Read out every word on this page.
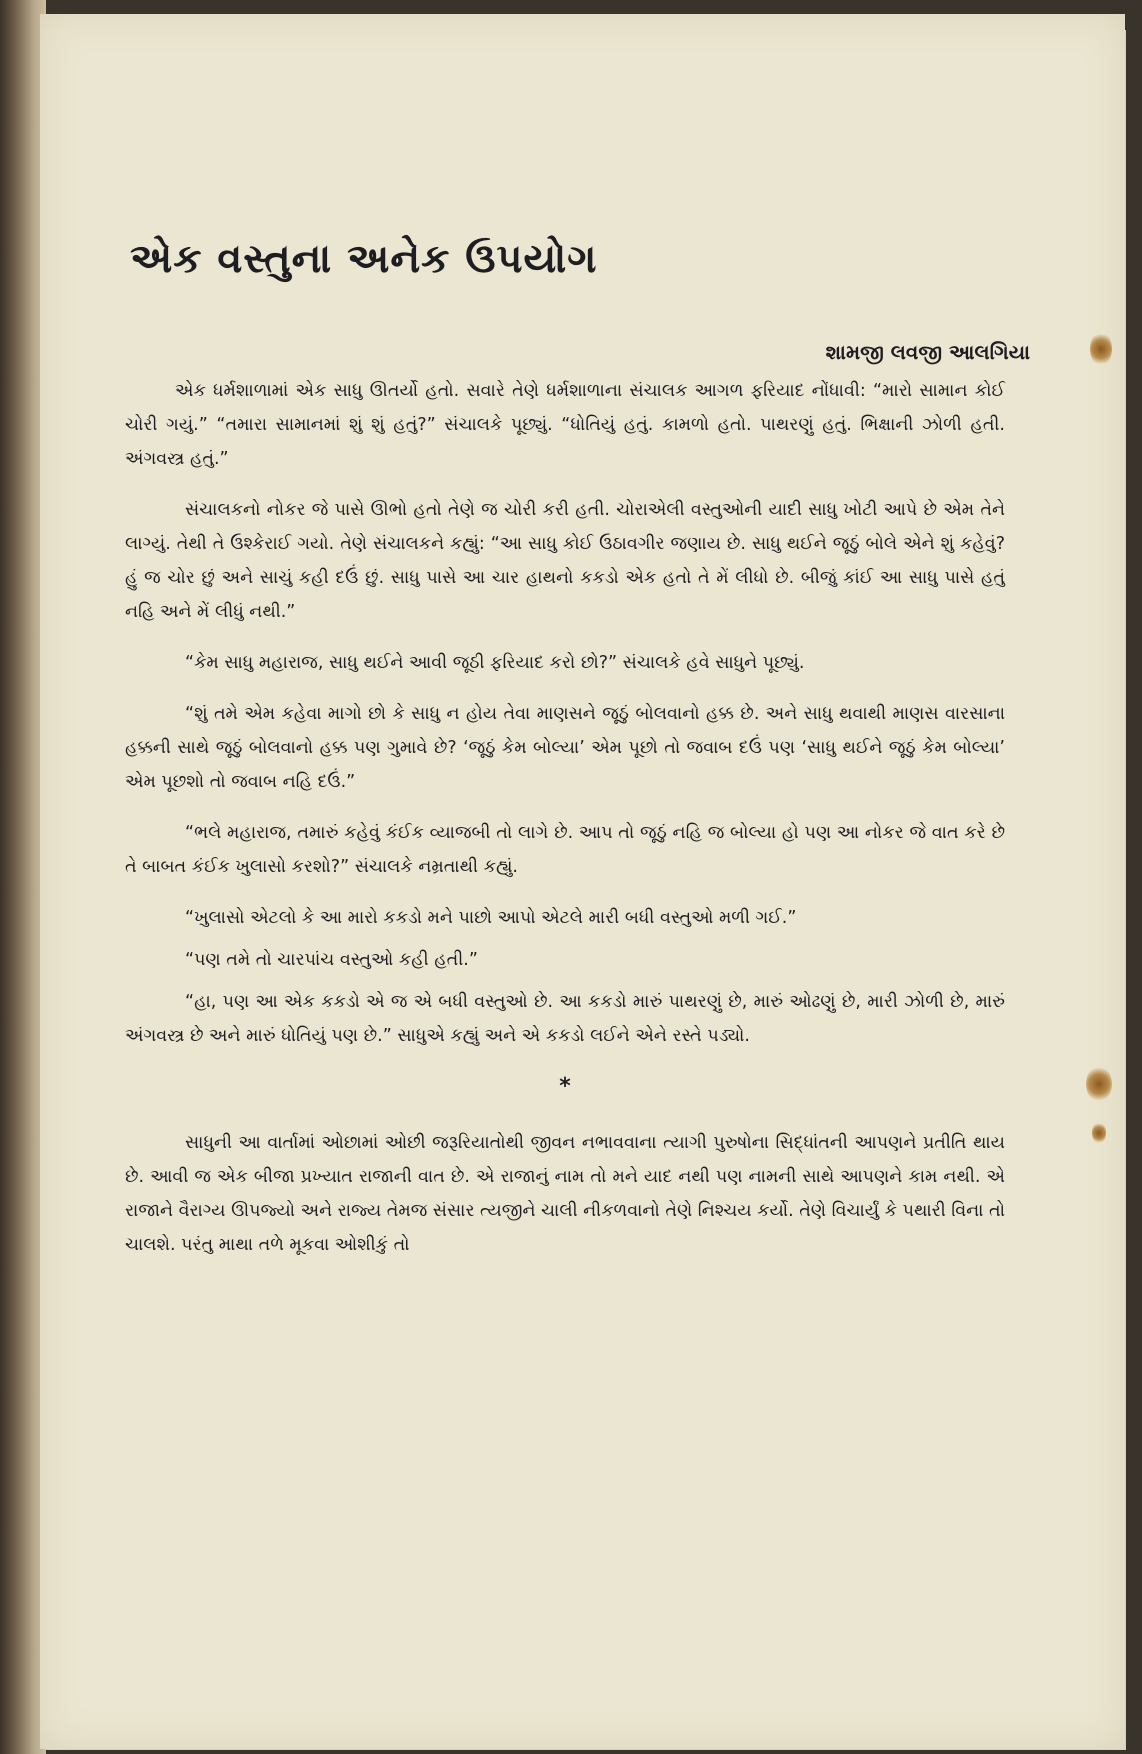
એક વસ્તુના અનેક ઉપયોગ
શામજી લવજી આલગિયા

એક ધર્મશાળામાં એક સાધુ ઊતર્યો હતો. સવારે તેણે ધર્મશાળાના સંચાલક આગળ ફરિયાદ નોંધાવી: “મારો સામાન કોઈ ચોરી ગયું.” “તમારા સામાનમાં શું શું હતું?” સંચાલકે પૂછ્યું. “ધોતિયું હતું. કામળો હતો. પાથરણું હતું. ભિક્ષાની ઝોળી હતી. અંગવસ્ત્ર હતું.”

સંચાલકનો નોકર જે પાસે ઊભો હતો તેણે જ ચોરી કરી હતી. ચોરાએલી વસ્તુઓની યાદી સાધુ ખોટી આપે છે એમ તેને લાગ્યું. તેથી તે ઉશ્કેરાઈ ગયો. તેણે સંચાલકને કહ્યું: “આ સાધુ કોઈ ઉઠાવગીર જણાય છે. સાધુ થઈને જૂઠું બોલે એને શું કહેવું? હું જ ચોર છું અને સાચું કહી દઉં છું. સાધુ પાસે આ ચાર હાથનો કકડો એક હતો તે મેં લીધો છે. બીજું કાંઈ આ સાધુ પાસે હતું નહિ અને મેં લીધું નથી.”

“કેમ સાધુ મહારાજ, સાધુ થઈને આવી જૂઠી ફરિયાદ કરો છો?” સંચાલકે હવે સાધુને પૂછ્યું.

“શું તમે એમ કહેવા માગો છો કે સાધુ ન હોય તેવા માણસને જૂઠું બોલવાનો હક્ક છે. અને સાધુ થવાથી માણસ વારસાના હક્કની સાથે જૂઠું બોલવાનો હક્ક પણ ગુમાવે છે? ‘જૂઠું કેમ બોલ્યા’ એમ પૂછો તો જવાબ દઉં પણ ‘સાધુ થઈને જૂઠું કેમ બોલ્યા’ એમ પૂછશો તો જવાબ નહિ દઉં.”

“ભલે મહારાજ, તમારું કહેવું કંઈક વ્યાજબી તો લાગે છે. આપ તો જૂઠું નહિ જ બોલ્યા હો પણ આ નોકર જે વાત કરે છે તે બાબત કંઈક ખુલાસો કરશો?” સંચાલકે નમ્રતાથી કહ્યું.

“ખુલાસો એટલો કે આ મારો કકડો મને પાછો આપો એટલે મારી બધી વસ્તુઓ મળી ગઈ.”

“પણ તમે તો ચારપાંચ વસ્તુઓ કહી હતી.”

“હા, પણ આ એક કકડો એ જ એ બધી વસ્તુઓ છે. આ કકડો મારું પાથરણું છે, મારું ઓઢણું છે, મારી ઝોળી છે, મારું અંગવસ્ત્ર છે અને મારું ધોતિયું પણ છે.” સાધુએ કહ્યું અને એ કકડો લઈને એને રસ્તે પડ્યો.

*

સાધુની આ વાર્તામાં ઓછામાં ઓછી જરૂરિયાતોથી જીવન નભાવવાના ત્યાગી પુરુષોના સિદ્ધાંતની આપણને પ્રતીતિ થાય છે. આવી જ એક બીજા પ્રખ્યાત રાજાની વાત છે. એ રાજાનું નામ તો મને યાદ નથી પણ નામની સાથે આપણને કામ નથી. એ રાજાને વૈરાગ્ય ઊપજ્યો અને રાજ્ય તેમજ સંસાર ત્યજીને ચાલી નીકળવાનો તેણે નિશ્ચય કર્યો. તેણે વિચાર્યું કે પથારી વિના તો ચાલશે. પરંતુ માથા તળે મૂકવા ઓશીકું તો
